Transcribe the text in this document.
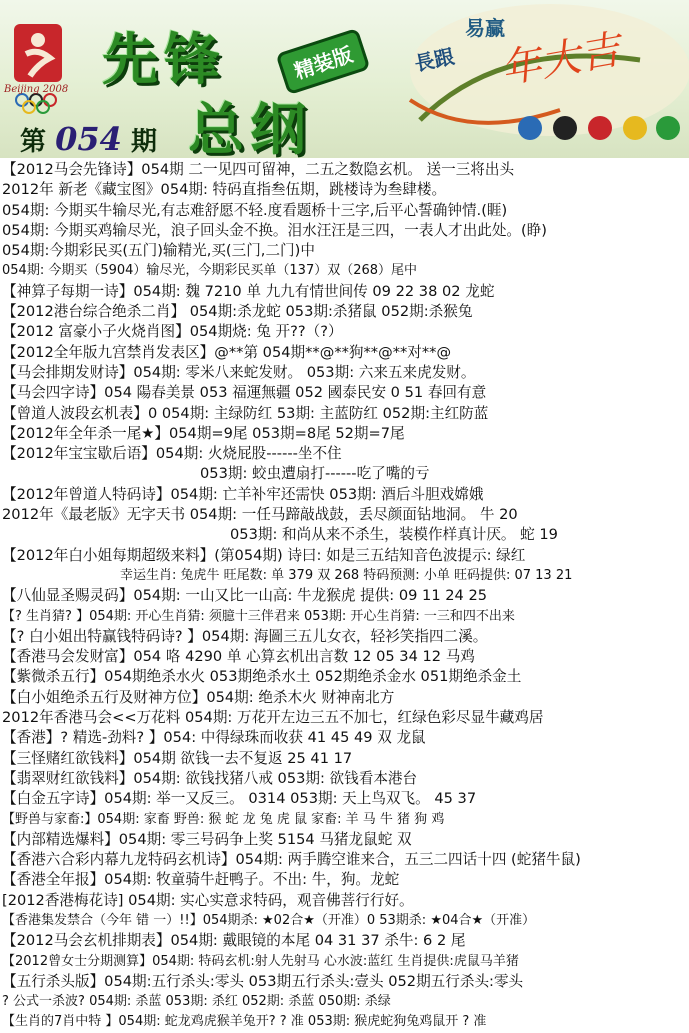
Beijing 2008 先锋	精装版
总纲
第 054 期
易赢
長跟 年大吉
【2012马会先锋诗】054期 二一见四可留神，二五之数隐玄机。 送一三将出头
2012年 新老《藏宝图》054期: 特码直指叁伍期，跳楼诗为叁肆楼。
054期: 今期买牛输尽光,有志难舒愿不轻.度看题桥十三字,后平心誓确钟情.(睚)
054期: 今期买鸡输尽光，浪子回头金不换。泪水汪汪是三四，一表人才出此处。(睁)
054期:今期彩民买(五门)输精光,买(三门,二门)中
054期: 今期买（5904）输尽光，今期彩民买单（137）双（268）尾中
【神算子每期一诗】054期: 魏 7210 单 九九有情世间传 09 22 38 02 龙蛇
【2012港台综合绝杀二肖】 054期:杀龙蛇 053期:杀猪鼠 052期:杀猴兔
【2012 富豪小子火烧肖图】054期烧: 兔 开??（?）
【2012全年版九宫禁肖发表区】@**第 054期**@**狗**@**对**@
【马会排期发财诗】054期: 零米八来蛇发财。 053期: 六来五来虎发财。
【马会四字诗】054 陽春美景 053 福運無疆 052 國泰民安 0 51 春回有意
【曾道人波段玄机表】0 054期: 主绿防红 53期: 主蓝防红 052期:主红防蓝
【2012年全年杀一尾★】054期=9尾 053期=8尾 52期=7尾
【2012年宝宝歇后语】054期: 火烧屁股------坐不住
053期: 蛟虫遭扇打------吃了嘴的亏
【2012年曾道人特码诗】054期: 亡羊补牢还需快 053期: 酒后斗胆戏嫦娥
2012年《最老版》无字天书 054期: 一任马蹄敲战鼓，丢尽颜面钻地洞。 牛 20
053期: 和尚从来不杀生，装模作样真计厌。 蛇 19
【2012年白小姐每期超级来料】(第054期) 诗曰: 如是三五结知音色波提示: 绿红
幸运生肖: 兔虎牛 旺尾数: 单 379 双 268 特码预测: 小单 旺码提供: 07 13 21
【八仙显圣赐灵码】054期: 一山又比一山高: 牛龙猴虎 提供: 09 11 24 25
【? 生肖猜? 】054期: 开心生肖猜: 须臆十三伴君来 053期: 开心生肖猜: 一三和四不出来
【? 白小姐出特赢钱特码诗? 】054期: 海圖三五儿女衣，轻衫笑指四二溪。
【香港马会发财富】054 咯 4290 单 心算玄机出言数 12 05 34 12 马鸡
【紫微杀五行】054期绝杀水火 053期绝杀水土 052期绝杀金水 051期绝杀金土
【白小姐绝杀五行及财神方位】054期: 绝杀木火 财神南北方
2012年香港马会<<万花料 054期: 万花开左边三五不加七，红绿色彩尽显牛藏鸡居
【香港】? 精选-劲料? 】054: 中得绿珠而收获 41 45 49 双 龙鼠
【三怪赌红欲钱料】054期 欲钱一去不复返 25 41 17
【翡翠财红欲钱料】054期: 欲钱找猪八戒 053期: 欲钱看本港台
【白金五字诗】054期: 举一又反三。 0314 053期: 天上鸟双飞。 45 37
【野兽与家畜:】054期: 家畜 野兽: 猴 蛇 龙 兔 虎 鼠 家畜: 羊 马 牛 猪 狗 鸡
【内部精选爆料】054期: 零三号码争上奖 5154 马猪龙鼠蛇 双
【香港六合彩内幕九龙特码玄机诗】054期: 两手腾空谁来合，五三二四话十四 (蛇猪牛鼠)
【香港全年报】054期: 牧童骑牛赶鸭子。不出: 牛，狗。龙蛇
[2012香港梅花诗] 054期: 实心实意求特码，观音佛菩行行好。
【香港集发禁合（今年 错 一）!!】054期杀: ★02合★（开准）0 53期杀: ★04合★（开准）
【2012马会玄机排期表】054期: 戴眼镜的本尾 04 31 37 杀牛: 6 2 尾
【2012曾女士分期测算】054期: 特码玄机:射人先射马 心水波:蓝红 生肖提供:虎鼠马羊猪
【五行杀头版】054期:五行杀头:零头 053期五行杀头:壹头 052期五行杀头:零头
? 公式一杀波? 054期: 杀蓝 053期: 杀红 052期: 杀蓝 050期: 杀绿
【生肖的7肖中特 】054期: 蛇龙鸡虎猴羊兔开? ? 准 053期: 猴虎蛇狗兔鸡鼠开 ? 准
